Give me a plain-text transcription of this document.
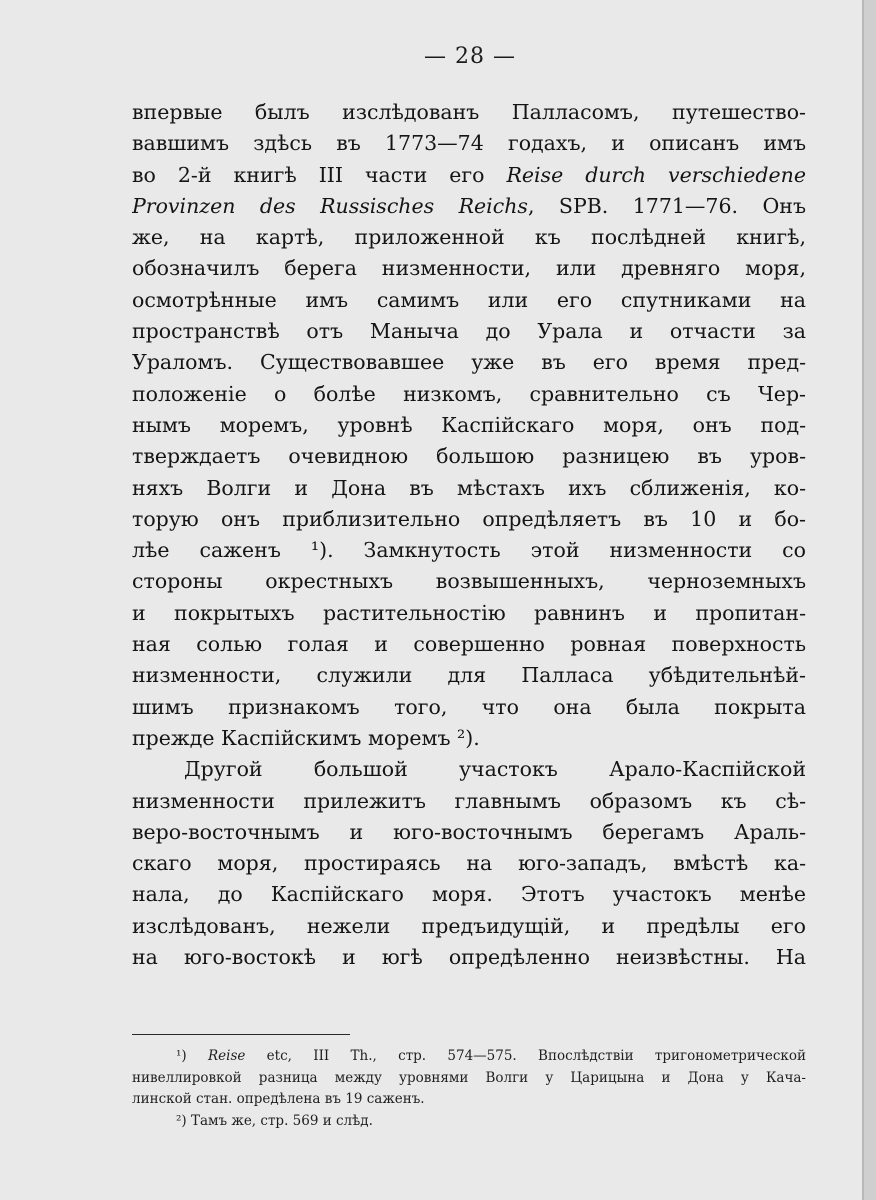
— 28 —
впервые былъ изслѣдованъ Палласомъ, путешество-
вавшимъ здѣсь въ 1773—74 годахъ, и описанъ имъ
во 2-й книгѣ III части его Reise durch verschiedene
Provinzen des Russisches Reichs, SPB. 1771—76. Онъ
же, на картѣ, приложенной къ послѣдней книгѣ,
обозначилъ берега низменности, или древняго моря,
осмотрѣнные имъ самимъ или его спутниками на
пространствѣ отъ Манычa до Урала и отчасти за
Ураломъ. Существовавшее уже въ его время пред-
положеніе о болѣе низкомъ, сравнительно съ Чер-
нымъ моремъ, уровнѣ Каспійскаго моря, онъ под-
тверждаетъ очевидною большою разницею въ уров-
няхъ Волги и Дона въ мѣстахъ ихъ сближенія, ко-
торую онъ приблизительно опредѣляетъ въ 10 и бо-
лѣе саженъ ¹). Замкнутость этой низменности со
стороны окрестныхъ возвышенныхъ, черноземныхъ
и покрытыхъ растительностію равнинъ и пропитан-
ная солью голая и совершенно ровная поверхность
низменности, служили для Палласа убѣдительнѣй-
шимъ признакомъ того, что она была покрыта
прежде Каспійскимъ моремъ ²).
Другой большой участокъ Арало-Каспійской
низменности прилежитъ главнымъ образомъ къ сѣ-
веро-восточнымъ и юго-восточнымъ берегамъ Араль-
скаго моря, простираясь на юго-западъ, вмѣстѣ ка-
нала, до Каспійскаго моря. Этотъ участокъ менѣе
изслѣдованъ, нежели предъидущій, и предѣлы его
на юго-востокѣ и югѣ опредѣленно неизвѣстны. На
¹) Reise etc, III Th., стр. 574—575. Впослѣдствіи тригонометрической
нивеллировкой разница между уровнями Волги у Царицына и Дона у Кача-
линской стан. опредѣлена въ 19 саженъ.
²) Тамъ же, стр. 569 и слѣд.
